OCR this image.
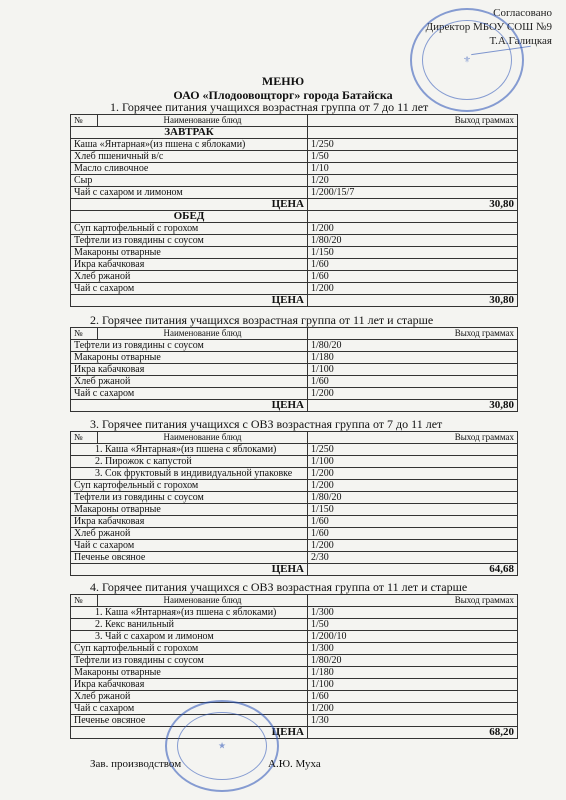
Согласовано
Директор МБОУ СОШ №9
Т.А.Галицкая
⚜
МЕНЮ
ОАО «Плодоовощторг» города Батайска
1. Горячее питания учащихся возрастная группа от 7 до 11 лет
№	Наименование блюд	Выход граммах
ЗАВТРАК		
Каша «Янтарная»(из пшена с яблоками)		1/250
Хлеб пшеничный в/с		1/50
Масло сливочное		1/10
Сыр		1/20
Чай с сахаром и лимоном		1/200/15/7
	ЦЕНА	30,80
ОБЕД		
Суп картофельный с горохом		1/200
Тефтели из говядины с соусом		1/80/20
Макароны отварные		1/150
Икра кабачковая		1/60
Хлеб ржаной		1/60
Чай с сахаром		1/200
	ЦЕНА	30,80
2. Горячее питания учащихся возрастная группа от 11 лет и старше
№	Наименование блюд	Выход граммах
Тефтели из говядины с соусом		1/80/20
Макароны отварные		1/180
Икра кабачковая		1/100
Хлеб ржаной		1/60
Чай с сахаром		1/200
	ЦЕНА	30,80
3. Горячее питания учащихся с ОВЗ возрастная группа от 7 до 11 лет
№	Наименование блюд	Выход граммах
1. Каша «Янтарная»(из пшена с яблоками)		1/250
2. Пирожок с капустой		1/100
3. Сок фруктовый в индивидуальной упаковке		1/200
Суп картофельный с горохом		1/200
Тефтели из говядины с соусом		1/80/20
Макароны отварные		1/150
Икра кабачковая		1/60
Хлеб ржаной		1/60
Чай с сахаром		1/200
Печенье овсяное		2/30
	ЦЕНА	64,68
4. Горячее питания учащихся с ОВЗ возрастная группа от 11 лет и старше
№	Наименование блюд	Выход граммах
1. Каша «Янтарная»(из пшена с яблоками)		1/300
2. Кекс ванильный		1/50
3. Чай с сахаром и лимоном		1/200/10
Суп картофельный с горохом		1/300
Тефтели из говядины с соусом		1/80/20
Макароны отварные		1/180
Икра кабачковая		1/100
Хлеб ржаной		1/60
Чай с сахаром		1/200
Печенье овсяное		1/30
	ЦЕНА	68,20
★
Зав. производством	А.Ю. Муха
